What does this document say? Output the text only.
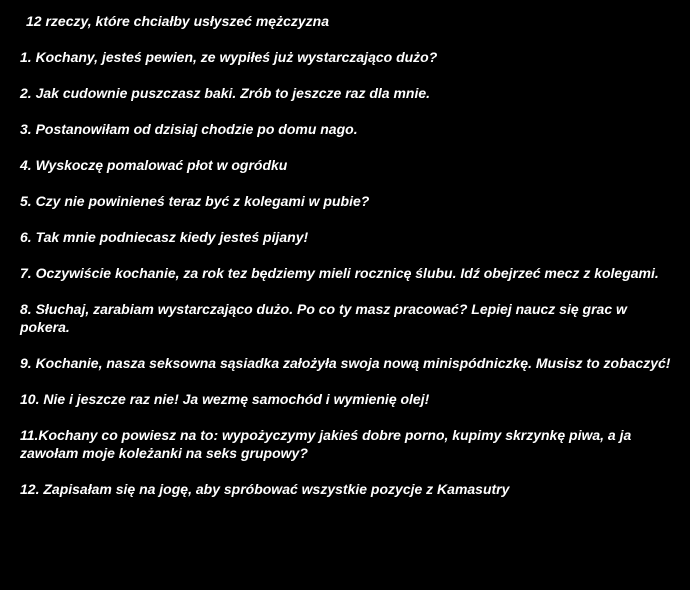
12 rzeczy, które chciałby usłyszeć mężczyzna
1. Kochany, jesteś pewien, ze wypiłeś już wystarczająco dużo?
2. Jak cudownie puszczasz baki. Zrób to jeszcze raz dla mnie.
3. Postanowiłam od dzisiaj chodzie po domu nago.
4. Wyskoczę pomalować płot w ogródku
5. Czy nie powinieneś teraz być z kolegami w pubie?
6. Tak mnie podniecasz kiedy jesteś pijany!
7. Oczywiście kochanie, za rok tez będziemy mieli rocznicę ślubu. Idź obejrzeć mecz z kolegami.
8. Słuchaj, zarabiam wystarczająco dużo. Po co ty masz pracować? Lepiej naucz się grac w pokera.
9. Kochanie, nasza seksowna sąsiadka założyła swoja nową minispódniczkę. Musisz to zobaczyć!
10. Nie i jeszcze raz nie! Ja wezmę samochód i wymienię olej!
11.Kochany co powiesz na to: wypożyczymy jakieś dobre porno, kupimy skrzynkę piwa, a ja zawołam moje koleżanki na seks grupowy?
12. Zapisałam się na jogę, aby spróbować wszystkie pozycje z Kamasutry
